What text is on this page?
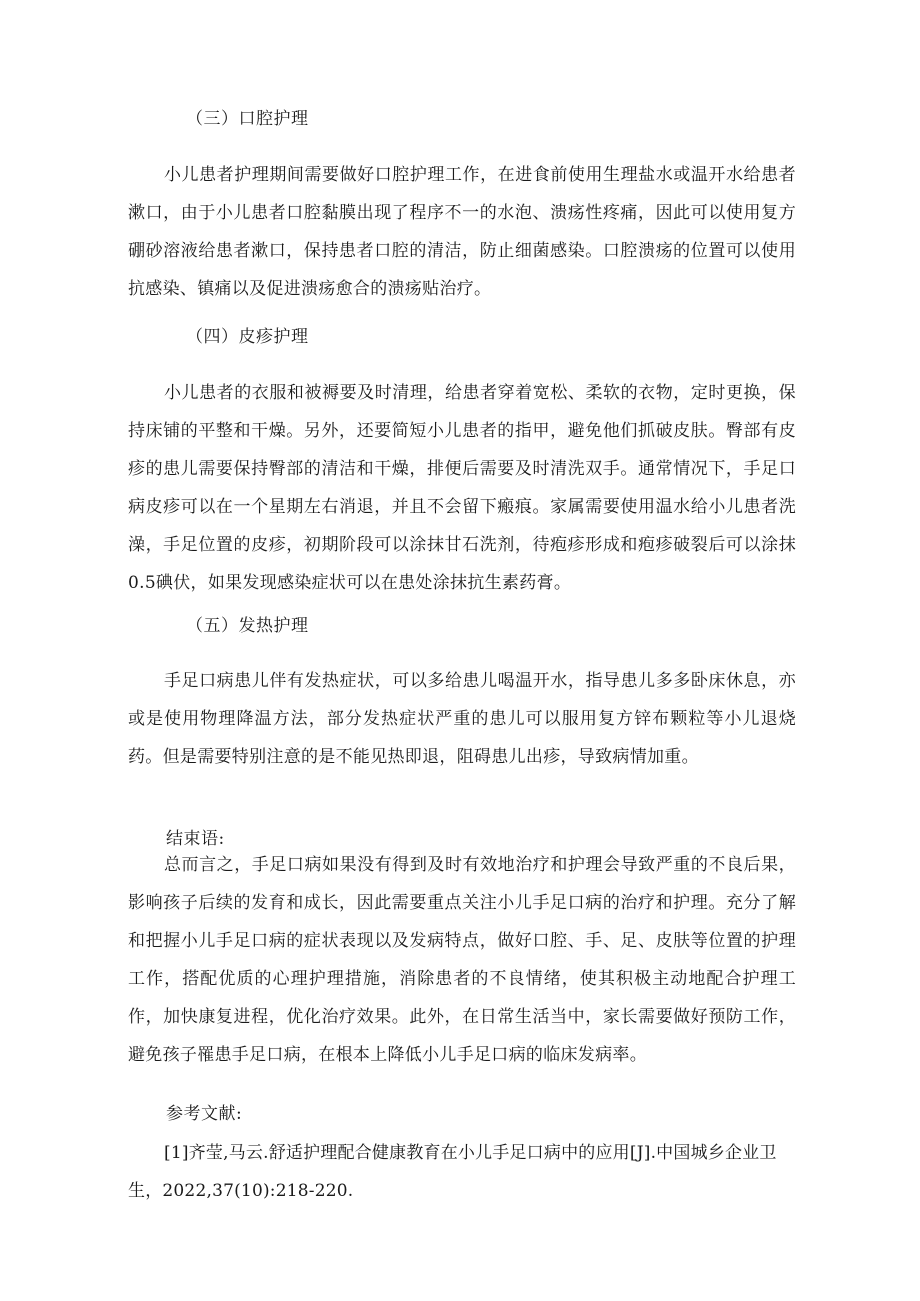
（三）口腔护理
小儿患者护理期间需要做好口腔护理工作，在进食前使用生理盐水或温开水给患者漱口，由于小儿患者口腔黏膜出现了程序不一的水泡、溃疡性疼痛，因此可以使用复方硼砂溶液给患者漱口，保持患者口腔的清洁，防止细菌感染。口腔溃疡的位置可以使用抗感染、镇痛以及促进溃疡愈合的溃疡贴治疗。
（四）皮疹护理
小儿患者的衣服和被褥要及时清理，给患者穿着宽松、柔软的衣物，定时更换，保持床铺的平整和干燥。另外，还要简短小儿患者的指甲，避免他们抓破皮肤。臀部有皮疹的患儿需要保持臀部的清洁和干燥，排便后需要及时清洗双手。通常情况下，手足口病皮疹可以在一个星期左右消退，并且不会留下瘢痕。家属需要使用温水给小儿患者洗澡，手足位置的皮疹，初期阶段可以涂抹甘石洗剂，待疱疹形成和疱疹破裂后可以涂抹0.5碘伏，如果发现感染症状可以在患处涂抹抗生素药膏。
（五）发热护理
手足口病患儿伴有发热症状，可以多给患儿喝温开水，指导患儿多多卧床休息，亦或是使用物理降温方法，部分发热症状严重的患儿可以服用复方锌布颗粒等小儿退烧药。但是需要特别注意的是不能见热即退，阻碍患儿出疹，导致病情加重。
结束语:
总而言之，手足口病如果没有得到及时有效地治疗和护理会导致严重的不良后果，影响孩子后续的发育和成长，因此需要重点关注小儿手足口病的治疗和护理。充分了解和把握小儿手足口病的症状表现以及发病特点，做好口腔、手、足、皮肤等位置的护理工作，搭配优质的心理护理措施，消除患者的不良情绪，使其积极主动地配合护理工作，加快康复进程，优化治疗效果。此外，在日常生活当中，家长需要做好预防工作，避免孩子罹患手足口病，在根本上降低小儿手足口病的临床发病率。
参考文献:
[1]齐莹,马云.舒适护理配合健康教育在小儿手足口病中的应用[J].中国城乡企业卫生，2022,37(10):218-220.
